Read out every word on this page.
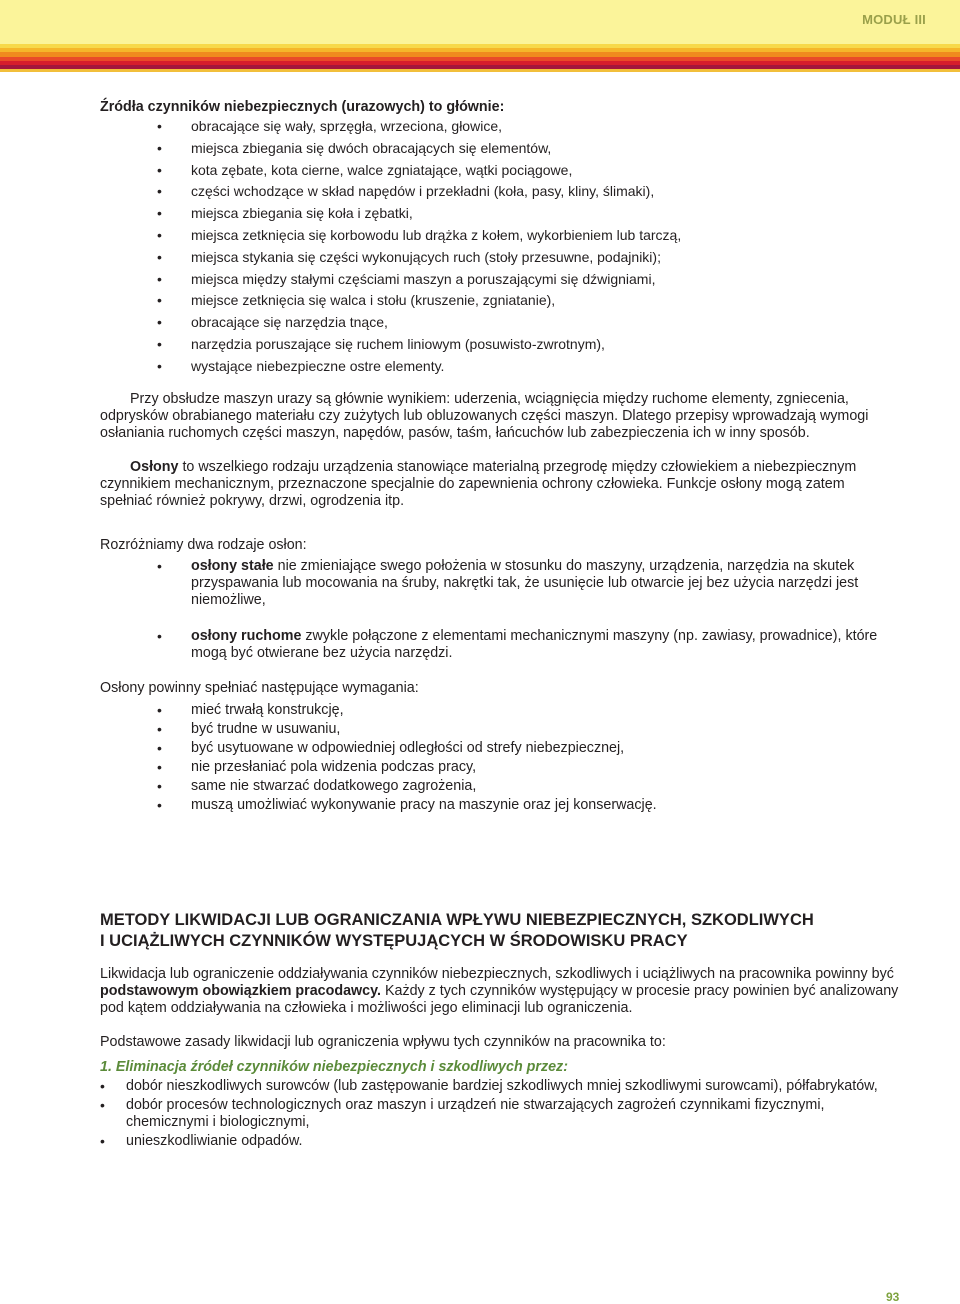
MODUŁ III

Źródła czynników niebezpiecznych (urazowych) to głównie:

• obracające się wały, sprzęgła, wrzeciona, głowice,
• miejsca zbiegania się dwóch obracających się elementów,
• kota zębate, kota cierne, walce zgniatające, wątki pociągowe,
• części wchodzące w skład napędów i przekładni (koła, pasy, kliny, ślimaki),
• miejsca zbiegania się koła i zębatki,
• miejsca zetknięcia się korbowodu lub drążka z kołem, wykorbieniem lub tarczą,
• miejsca stykania się części wykonujących ruch (stoły przesuwne, podajniki);
• miejsca między stałymi częściami maszyn a poruszającymi się dźwigniami,
• miejsce zetknięcia się walca i stołu (kruszenie, zgniatanie),
• obracające się narzędzia tnące,
• narzędzia poruszające się ruchem liniowym (posuwisto-zwrotnym),
• wystające niebezpieczne ostre elementy.

Przy obsłudze maszyn urazy są głównie wynikiem: uderzenia, wciągnięcia między ruchome elementy, zgniecenia, odprysków obrabianego materiału czy zużytych lub obluzowanych części maszyn. Dlatego przepisy wprowadzają wymogi osłaniania ruchomych części maszyn, napędów, pasów, taśm, łańcuchów lub zabezpieczenia ich w inny sposób.

Osłony to wszelkiego rodzaju urządzenia stanowiące materialną przegrodę między człowiekiem a niebezpiecznym czynnikiem mechanicznym, przeznaczone specjalnie do zapewnienia ochrony człowieka. Funkcje osłony mogą zatem spełniać również pokrywy, drzwi, ogrodzenia itp.

Rozróżniamy dwa rodzaje osłon:

• osłony stałe nie zmieniające swego położenia w stosunku do maszyny, urządzenia, narzędzia na skutek przyspawania lub mocowania na śruby, nakrętki tak, że usunięcie lub otwarcie jej bez użycia narzędzi jest niemożliwe,
• osłony ruchome zwykle połączone z elementami mechanicznymi maszyny (np. zawiasy, prowadnice), które mogą być otwierane bez użycia narzędzi.

Osłony powinny spełniać następujące wymagania:

• mieć trwałą konstrukcję,
• być trudne w usuwaniu,
• być usytuowane w odpowiedniej odległości od strefy niebezpiecznej,
• nie przesłaniać pola widzenia podczas pracy,
• same nie stwarzać dodatkowego zagrożenia,
• muszą umożliwiać wykonywanie pracy na maszynie oraz jej konserwację.

METODY LIKWIDACJI LUB OGRANICZANIA WPŁYWU NIEBEZPIECZNYCH, SZKODLIWYCH

I UCIĄŻLIWYCH CZYNNIKÓW WYSTĘPUJĄCYCH W ŚRODOWISKU PRACY

Likwidacja lub ograniczenie oddziaływania czynników niebezpiecznych, szkodliwych i uciążliwych na pracownika powinny być podstawowym obowiązkiem pracodawcy. Każdy z tych czynników występujący w procesie pracy powinien być analizowany pod kątem oddziaływania na człowieka i możliwości jego eliminacji lub ograniczenia.

Podstawowe zasady likwidacji lub ograniczenia wpływu tych czynników na pracownika to:

1. Eliminacja źródeł czynników niebezpiecznych i szkodliwych przez:

• dobór nieszkodliwych surowców (lub zastępowanie bardziej szkodliwych mniej szkodliwymi surowcami), półfabrykatów,
• dobór procesów technologicznych oraz maszyn i urządzeń nie stwarzających zagrożeń czynnikami fizycznymi, chemicznymi i biologicznymi,
• unieszkodliwianie odpadów.
93
